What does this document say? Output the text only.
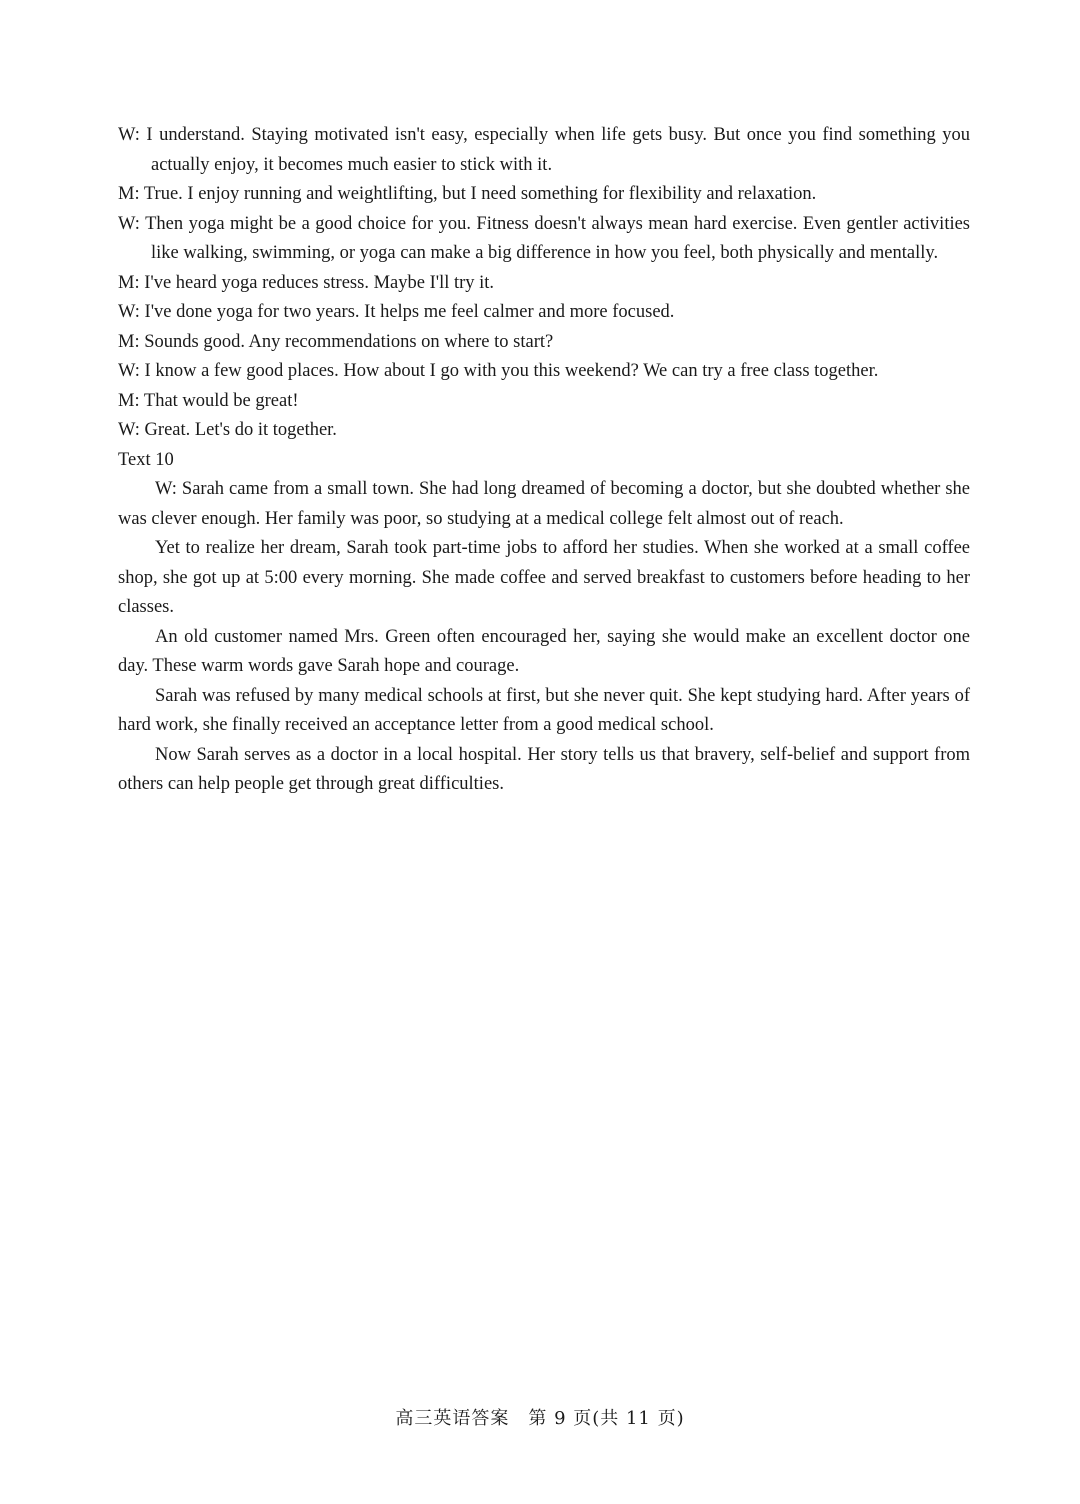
W: I understand. Staying motivated isn't easy, especially when life gets busy. But once you find something you actually enjoy, it becomes much easier to stick with it.

M: True. I enjoy running and weightlifting, but I need something for flexibility and relaxation.

W: Then yoga might be a good choice for you. Fitness doesn't always mean hard exercise. Even gentler activities like walking, swimming, or yoga can make a big difference in how you feel, both physically and mentally.

M: I've heard yoga reduces stress. Maybe I'll try it.

W: I've done yoga for two years. It helps me feel calmer and more focused.

M: Sounds good. Any recommendations on where to start?

W: I know a few good places. How about I go with you this weekend? We can try a free class together.

M: That would be great!

W: Great. Let's do it together.

Text 10

W: Sarah came from a small town. She had long dreamed of becoming a doctor, but she doubted whether she was clever enough. Her family was poor, so studying at a medical college felt almost out of reach.

Yet to realize her dream, Sarah took part-time jobs to afford her studies. When she worked at a small coffee shop, she got up at 5:00 every morning. She made coffee and served breakfast to customers before heading to her classes.

An old customer named Mrs. Green often encouraged her, saying she would make an excellent doctor one day. These warm words gave Sarah hope and courage.

Sarah was refused by many medical schools at first, but she never quit. She kept studying hard. After years of hard work, she finally received an acceptance letter from a good medical school.

Now Sarah serves as a doctor in a local hospital. Her story tells us that bravery, self-belief and support from others can help people get through great difficulties.

高三英语答案　第 9 页(共 11 页)
